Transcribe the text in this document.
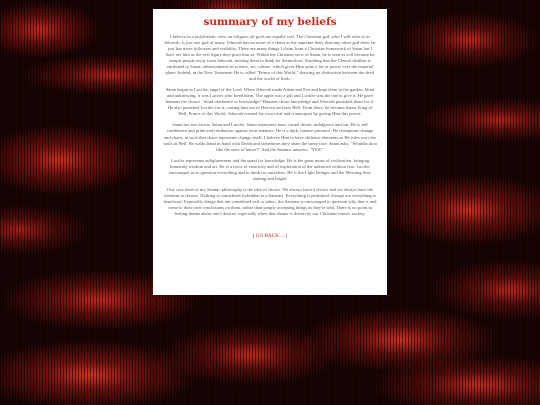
summary of my beliefs

I believe in a polytheistic view on religion; all gods are equally real. The Christian god, who I will refer to as Jehovah, is just one god of many. Jehovah has no more of a claim as the supreme deity than any other god does; he just has more followers and visibility. There are many things I claim from a Christian framework of Satan but I don't see him as the evil figure they posit him as. Within the Christian view of Satan, he is seen as evil because he tempts people away from Jehovah, inviting them to think for themselves. Anything that the Church dislikes is attributed to Satan, advancements in science, art, culture, which gives Him quite a lot of power over the material plane. Indeed, in the New Testament He is called "Prince of this World," drawing no distinction between the devil and the world of flesh.

Satan began as Lucifer, angel of the Lord. When Jehovah made Adam and Eve and kept them in the garden, blind and unknowing, it was Lucifer who freed them. The apple was a gift and Lucifer was the one to give it. He gave humans the choice - blind obedience or knowledge? Humans chose knowledge and Jehovah punished them for it. He also punished Lucifer for it, casting him out of Heaven and into Hell. From there, he became Satan, King of Hell, Prince of this World. Jehovah created his own rival and counterpart by giving Him this power.

Satan has two facets, Satan and Lucifer. Satan represents base, carnal desire, indulgence and sin. He is self confidence and pride and retribution against your enemies. He is a dark, intense presence. He champions change and chaos, in such that chaos represents change itself. I believe Him to have chthonic elements as He rules over the souls in Hell. He walks hand in hand with Death and sometimes they share the same face. Satan asks, "Wouldst thou like the taste of butter?" And the Satanist answers, "YES!"

Lucifer represents enlightenment and the quest for knowledge. He is the great muse of civilization, bringing humanity wisdom and art. He is a force of creativity and of exploration of the unknown without fear. Lucifer encourages us to question everything and to think for ourselves. He is the Light Bringer and the Morning Star, shining and bright.

One core tenet of my Satanic philosophy is the idea of choice. We always have a choice and we always have the freedom to choose. Nothing is considered forbidden to a Satanist. Everything is permitted, though not everything is beneficial. Especially things that are considered evil or taboo, the Satanist is encouraged to question why that is and come to their own conclusions on them, rather than simply accepting things as they're told. There is no point in feeling shame about one's desires, especially when that shame is driven by our Christian-centric society.

[ GO BACK ... ]
